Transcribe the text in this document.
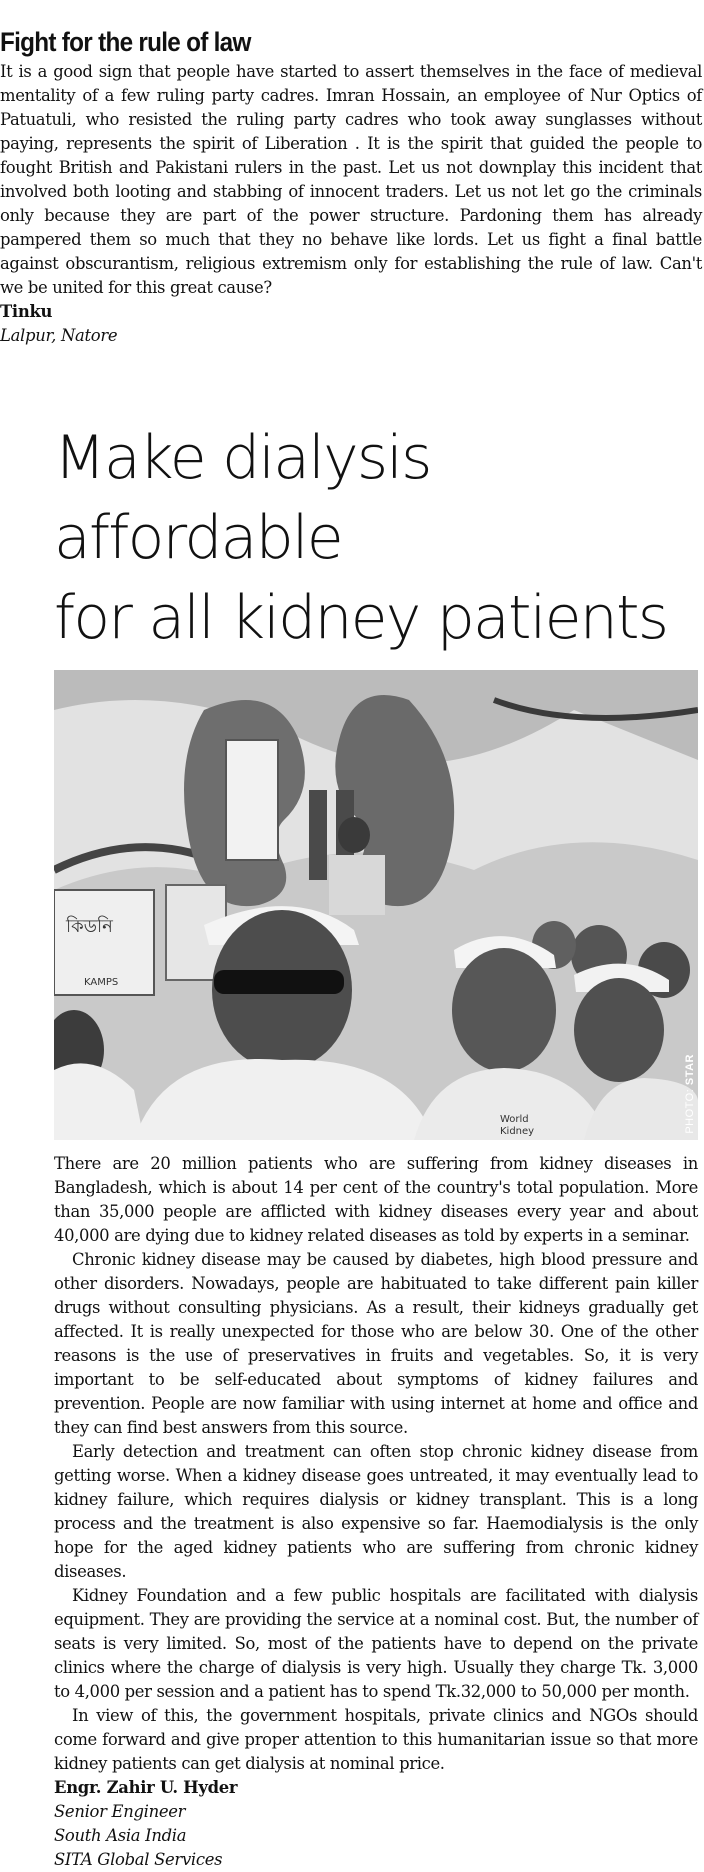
Fight for the rule of law

It is a good sign that people have started to assert themselves in the face of medieval mentality of a few ruling party cadres. Imran Hossain, an employee of Nur Optics of Patuatuli, who resisted the ruling party cadres who took away sunglasses without paying, represents the spirit of Liberation . It is the spirit that guided the people to fought British and Pakistani rulers in the past. Let us not downplay this incident that involved both looting and stabbing of innocent traders. Let us not let go the criminals only because they are part of the power structure. Pardoning them has already pampered them so much that they no behave like lords. Let us fight a final battle against obscurantism, religious extremism only for establishing the rule of law. Can't we be united for this great cause?

Tinku

Lalpur, Natore

Make dialysis affordable
for all kidney patients
কিডনি
KAMPS
World
Kidney	PHOTO: STAR

There are 20 million patients who are suffering from kidney diseases in Bangladesh, which is about 14 per cent of the country's total population. More than 35,000 people are afflicted with kidney diseases every year and about 40,000 are dying due to kidney related diseases as told by experts in a seminar.

Chronic kidney disease may be caused by diabetes, high blood pressure and other disorders. Nowadays, people are habituated to take different pain killer drugs without consulting physicians. As a result, their kidneys gradually get affected. It is really unexpected for those who are below 30. One of the other reasons is the use of preservatives in fruits and vegetables. So, it is very important to be self-educated about symptoms of kidney failures and prevention. People are now familiar with using internet at home and office and they can find best answers from this source.

Early detection and treatment can often stop chronic kidney disease from getting worse. When a kidney disease goes untreated, it may eventually lead to kidney failure, which requires dialysis or kidney transplant. This is a long process and the treatment is also expensive so far. Haemodialysis is the only hope for the aged kidney patients who are suffering from chronic kidney diseases.

Kidney Foundation and a few public hospitals are facilitated with dialysis equipment. They are providing the service at a nominal cost. But, the number of seats is very limited. So, most of the patients have to depend on the private clinics where the charge of dialysis is very high. Usually they charge Tk. 3,000 to 4,000 per session and a patient has to spend Tk.32,000 to 50,000 per month.

In view of this, the government hospitals, private clinics and NGOs should come forward and give proper attention to this humanitarian issue so that more kidney patients can get dialysis at nominal price.

Engr. Zahir U. Hyder

Senior Engineer

South Asia India

SITA Global Services
